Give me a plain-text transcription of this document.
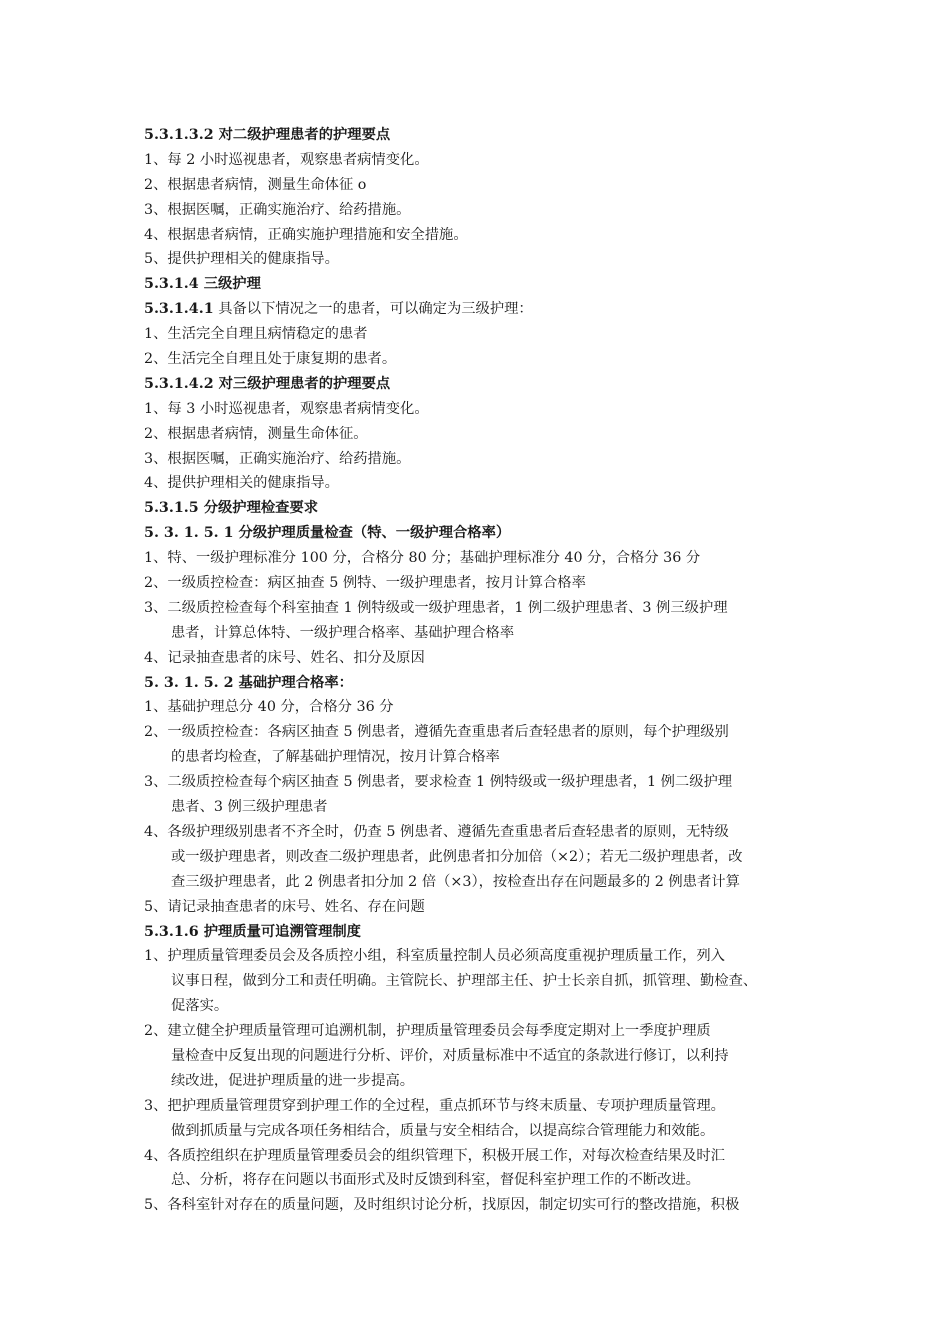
5.3.1.3.2 对二级护理患者的护理要点
1、每 2 小时巡视患者，观察患者病情变化。
2、根据患者病情，测量生命体征 o
3、根据医嘱，正确实施治疗、给药措施。
4、根据患者病情，正确实施护理措施和安全措施。
5、提供护理相关的健康指导。
5.3.1.4 三级护理
5.3.1.4.1 具备以下情况之一的患者，可以确定为三级护理：
1、生活完全自理且病情稳定的患者
2、生活完全自理且处于康复期的患者。
5.3.1.4.2 对三级护理患者的护理要点
1、每 3 小时巡视患者，观察患者病情变化。
2、根据患者病情，测量生命体征。
3、根据医嘱，正确实施治疗、给药措施。
4、提供护理相关的健康指导。
5.3.1.5 分级护理检查要求
5. 3. 1. 5. 1 分级护理质量检查（特、一级护理合格率）
1、特、一级护理标准分 100 分，合格分 80 分；基础护理标准分 40 分，合格分 36 分
2、一级质控检查：病区抽查 5 例特、一级护理患者，按月计算合格率
3、二级质控检查每个科室抽查 1 例特级或一级护理患者，1 例二级护理患者、3 例三级护理
患者，计算总体特、一级护理合格率、基础护理合格率
4、记录抽查患者的床号、姓名、扣分及原因
5. 3. 1. 5. 2 基础护理合格率：
1、基础护理总分 40 分，合格分 36 分
2、一级质控检查：各病区抽查 5 例患者，遵循先查重患者后查轻患者的原则，每个护理级别
的患者均检查，了解基础护理情况，按月计算合格率
3、二级质控检查每个病区抽查 5 例患者，要求检查 1 例特级或一级护理患者，1 例二级护理
患者、3 例三级护理患者
4、各级护理级别患者不齐全时，仍查 5 例患者、遵循先查重患者后查轻患者的原则，无特级
或一级护理患者，则改查二级护理患者，此例患者扣分加倍（×2）；若无二级护理患者，改
查三级护理患者，此 2 例患者扣分加 2 倍（×3），按检查出存在问题最多的 2 例患者计算
5、请记录抽查患者的床号、姓名、存在问题
5.3.1.6 护理质量可追溯管理制度
1、护理质量管理委员会及各质控小组，科室质量控制人员必须高度重视护理质量工作，列入
议事日程，做到分工和责任明确。主管院长、护理部主任、护士长亲自抓，抓管理、勤检查、
促落实。
2、建立健全护理质量管理可追溯机制，护理质量管理委员会每季度定期对上一季度护理质
量检查中反复出现的问题进行分析、评价，对质量标准中不适宜的条款进行修订，以利持
续改进，促进护理质量的进一步提高。
3、把护理质量管理贯穿到护理工作的全过程，重点抓环节与终末质量、专项护理质量管理。
做到抓质量与完成各项任务相结合，质量与安全相结合，以提高综合管理能力和效能。
4、各质控组织在护理质量管理委员会的组织管理下，积极开展工作，对每次检查结果及时汇
总、分析，将存在问题以书面形式及时反馈到科室，督促科室护理工作的不断改进。
5、各科室针对存在的质量问题，及时组织讨论分析，找原因，制定切实可行的整改措施，积极
